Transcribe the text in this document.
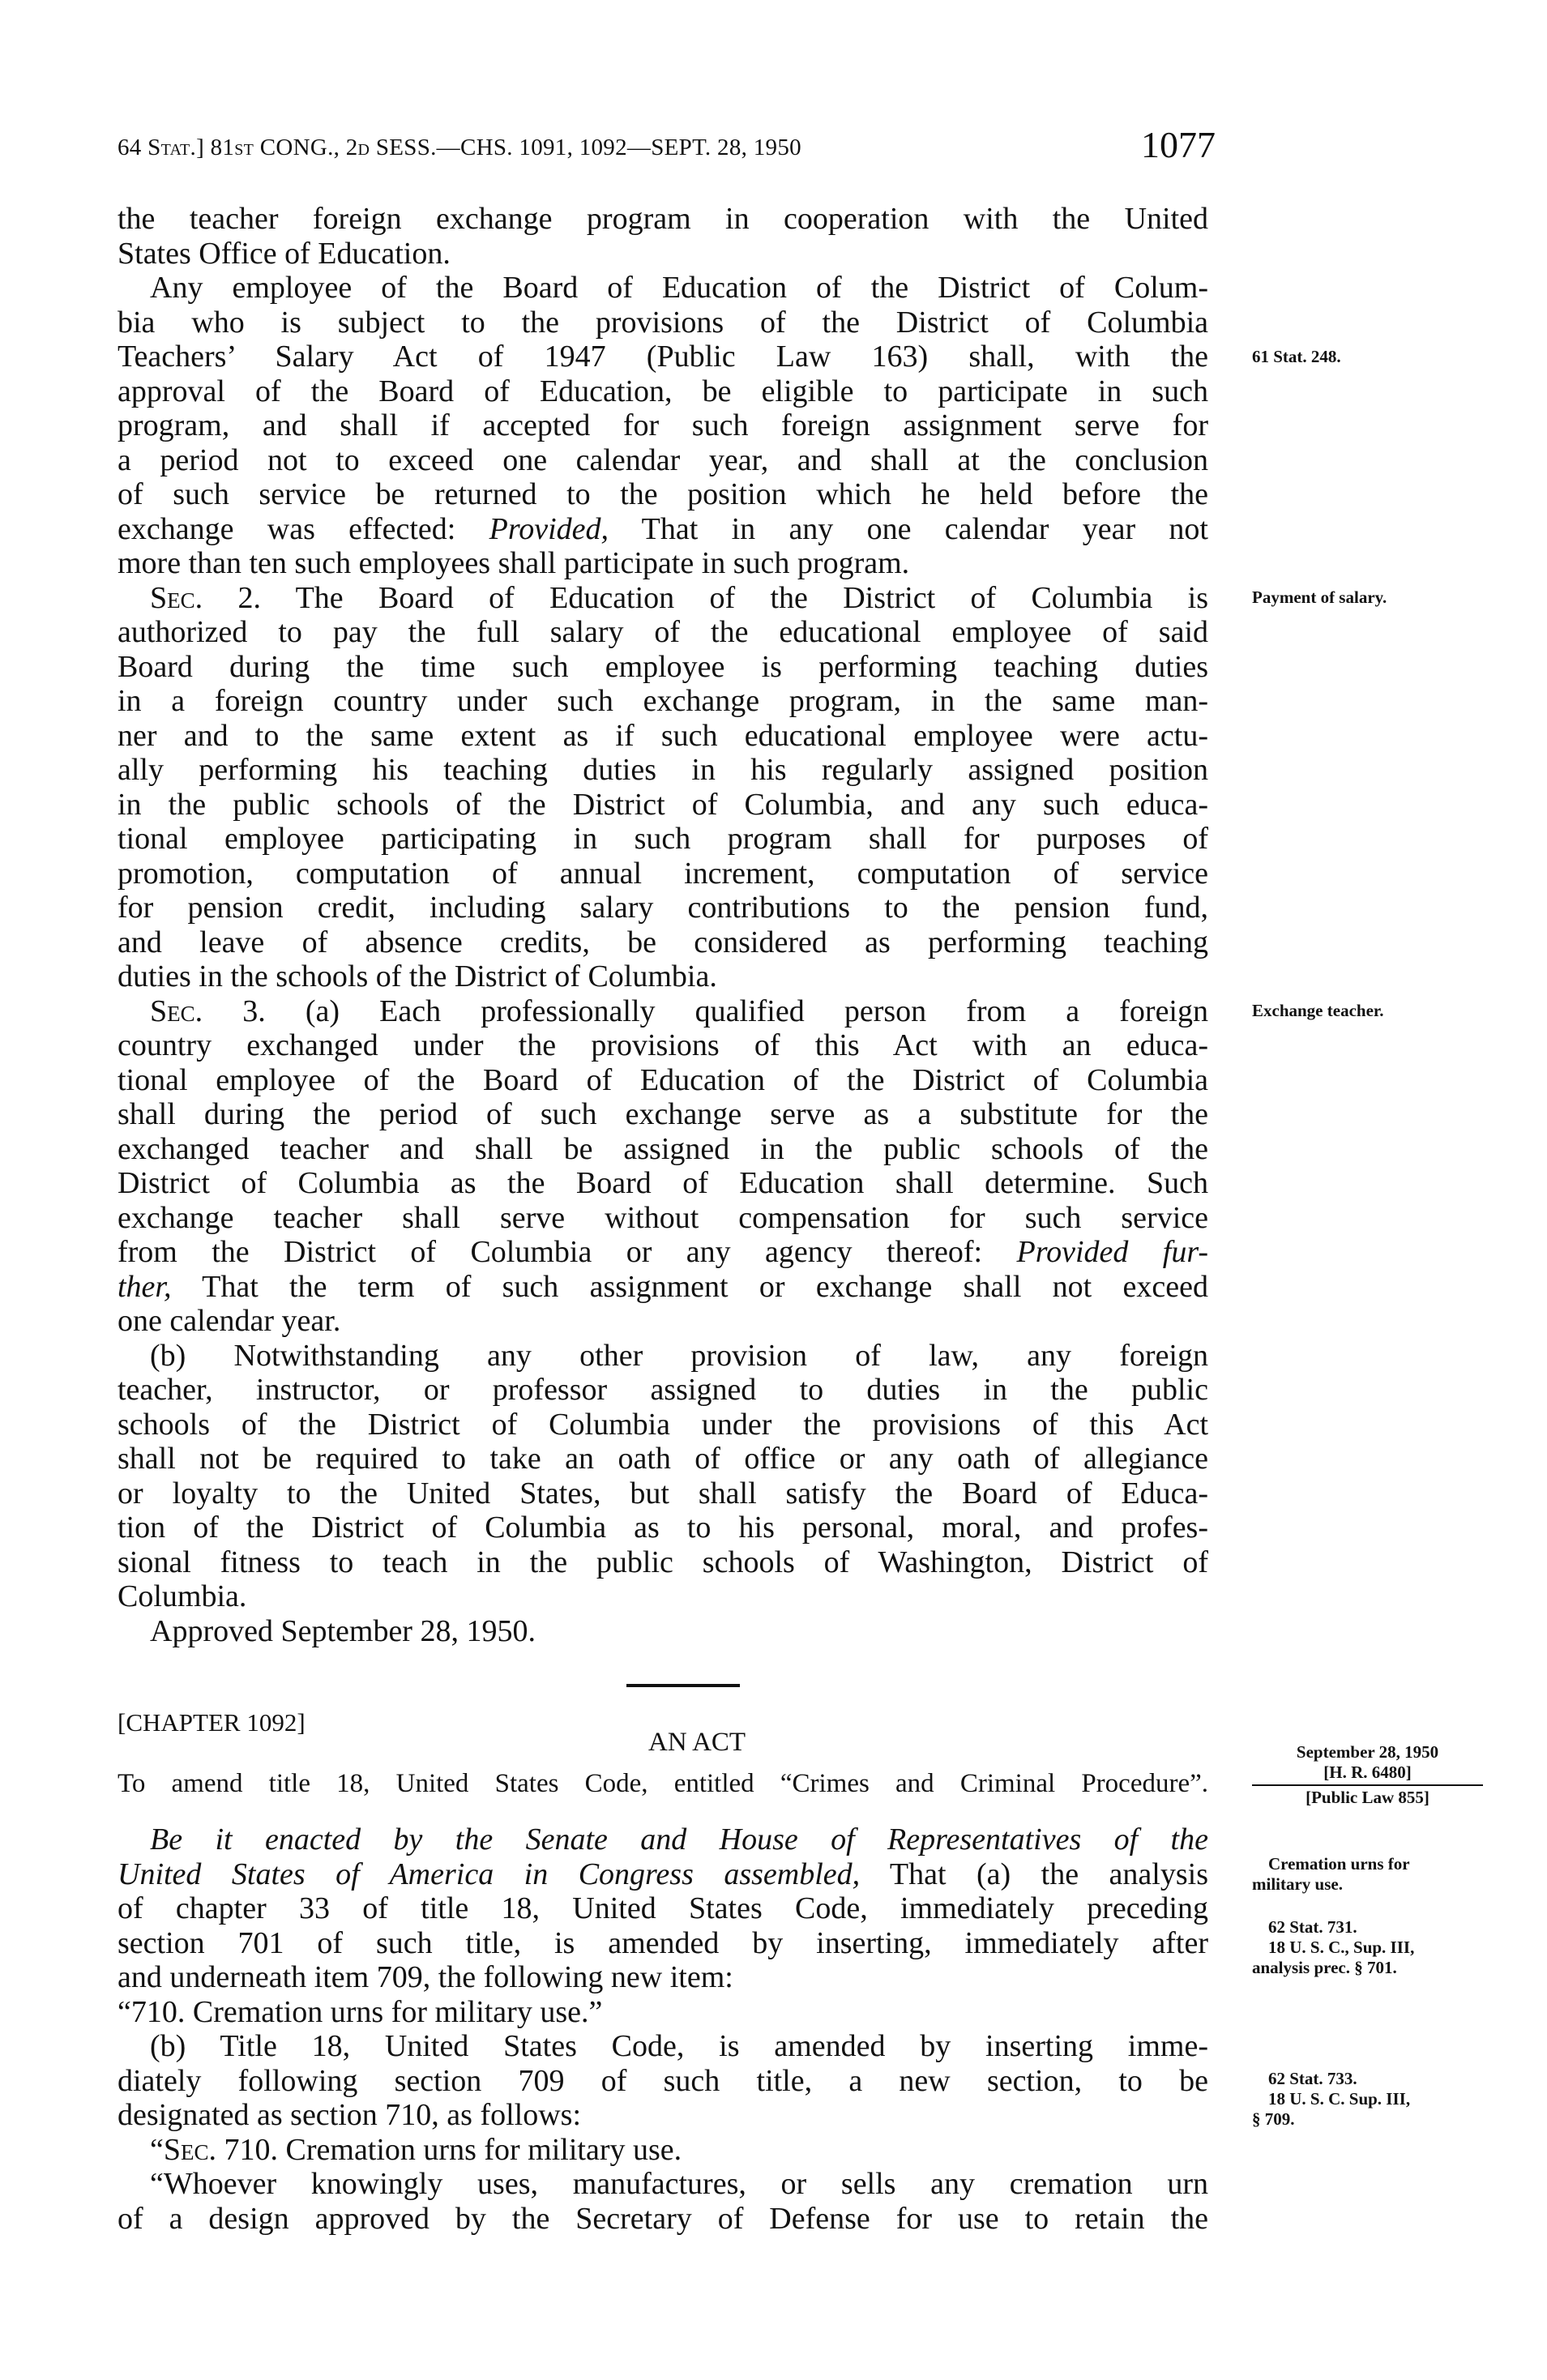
64 Stat.] 81st CONG., 2d SESS.—CHS. 1091, 1092—SEPT. 28, 1950	1077
the teacher foreign exchange program in cooperation with the United
States Office of Education.
Any employee of the Board of Education of the District of Colum-
bia who is subject to the provisions of the District of Columbia
Teachers’ Salary Act of 1947 (Public Law 163) shall, with the
approval of the Board of Education, be eligible to participate in such
program, and shall if accepted for such foreign assignment serve for
a period not to exceed one calendar year, and shall at the conclusion
of such service be returned to the position which he held before the
exchange was effected: Provided, That in any one calendar year not
more than ten such employees shall participate in such program.
Sec. 2. The Board of Education of the District of Columbia is
authorized to pay the full salary of the educational employee of said
Board during the time such employee is performing teaching duties
in a foreign country under such exchange program, in the same man-
ner and to the same extent as if such educational employee were actu-
ally performing his teaching duties in his regularly assigned position
in the public schools of the District of Columbia, and any such educa-
tional employee participating in such program shall for purposes of
promotion, computation of annual increment, computation of service
for pension credit, including salary contributions to the pension fund,
and leave of absence credits, be considered as performing teaching
duties in the schools of the District of Columbia.
Sec. 3. (a) Each professionally qualified person from a foreign
country exchanged under the provisions of this Act with an educa-
tional employee of the Board of Education of the District of Columbia
shall during the period of such exchange serve as a substitute for the
exchanged teacher and shall be assigned in the public schools of the
District of Columbia as the Board of Education shall determine. Such
exchange teacher shall serve without compensation for such service
from the District of Columbia or any agency thereof: Provided fur-
ther, That the term of such assignment or exchange shall not exceed
one calendar year.
(b) Notwithstanding any other provision of law, any foreign
teacher, instructor, or professor assigned to duties in the public
schools of the District of Columbia under the provisions of this Act
shall not be required to take an oath of office or any oath of allegiance
or loyalty to the United States, but shall satisfy the Board of Educa-
tion of the District of Columbia as to his personal, moral, and profes-
sional fitness to teach in the public schools of Washington, District of
Columbia.
Approved September 28, 1950.
[CHAPTER 1092]
AN ACT
To amend title 18, United States Code, entitled “Crimes and Criminal Procedure”.
September 28, 1950
[H. R. 6480]
[Public Law 855]
Be it enacted by the Senate and House of Representatives of the
United States of America in Congress assembled, That (a) the analysis
of chapter 33 of title 18, United States Code, immediately preceding
section 701 of such title, is amended by inserting, immediately after
and underneath item 709, the following new item:
“710. Cremation urns for military use.”
(b) Title 18, United States Code, is amended by inserting imme-
diately following section 709 of such title, a new section, to be
designated as section 710, as follows:
“Sec. 710. Cremation urns for military use.
“Whoever knowingly uses, manufactures, or sells any cremation urn
of a design approved by the Secretary of Defense for use to retain the
61 Stat. 248.
Payment of salary.
Exchange teacher.
Cremation urns for
military use.
62 Stat. 731.
18 U. S. C., Sup. III,
analysis prec. § 701.
62 Stat. 733.
18 U. S. C. Sup. III,
§ 709.
